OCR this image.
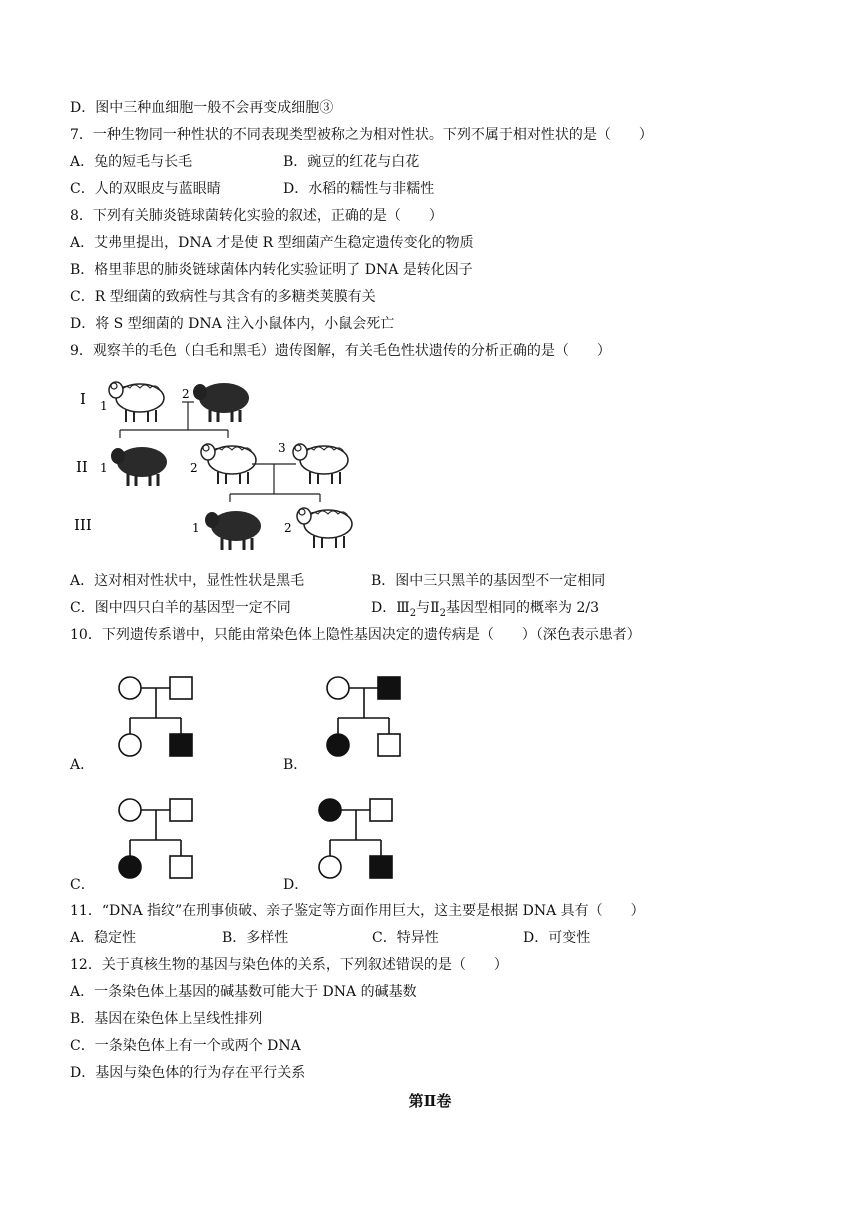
D．图中三种血细胞一般不会再变成细胞③
7．一种生物同一种性状的不同表现类型被称之为相对性状。下列不属于相对性状的是（　　）
A．兔的短毛与长毛	B．豌豆的红花与白花
C．人的双眼皮与蓝眼睛	D．水稻的糯性与非糯性
8．下列有关肺炎链球菌转化实验的叙述，正确的是（　　）
A．艾弗里提出，DNA 才是使 R 型细菌产生稳定遗传变化的物质
B．格里菲思的肺炎链球菌体内转化实验证明了 DNA 是转化因子
C．R 型细菌的致病性与其含有的多糖类荚膜有关
D．将 S 型细菌的 DNA 注入小鼠体内，小鼠会死亡
9．观察羊的毛色（白毛和黑毛）遗传图解，有关毛色性状遗传的分析正确的是（　　）
I
II
III
1
2
1	2
3
1	2
A．这对相对性状中，显性性状是黑毛	B．图中三只黑羊的基因型不一定相同
C．图中四只白羊的基因型一定不同	D．$Ⅲ_2$与$Ⅱ_2$基因型相同的概率为 2/3
10．下列遗传系谱中，只能由常染色体上隐性基因决定的遗传病是（　　）（深色表示患者）
A．	B．
C．	D．
11．“DNA 指纹”在刑事侦破、亲子鉴定等方面作用巨大，这主要是根据 DNA 具有（　　）
A．稳定性	B．多样性	C．特异性	D．可变性
12．关于真核生物的基因与染色体的关系，下列叙述错误的是（　　）
A．一条染色体上基因的碱基数可能大于 DNA 的碱基数
B．基因在染色体上呈线性排列
C．一条染色体上有一个或两个 DNA
D．基因与染色体的行为存在平行关系
第Ⅱ卷
